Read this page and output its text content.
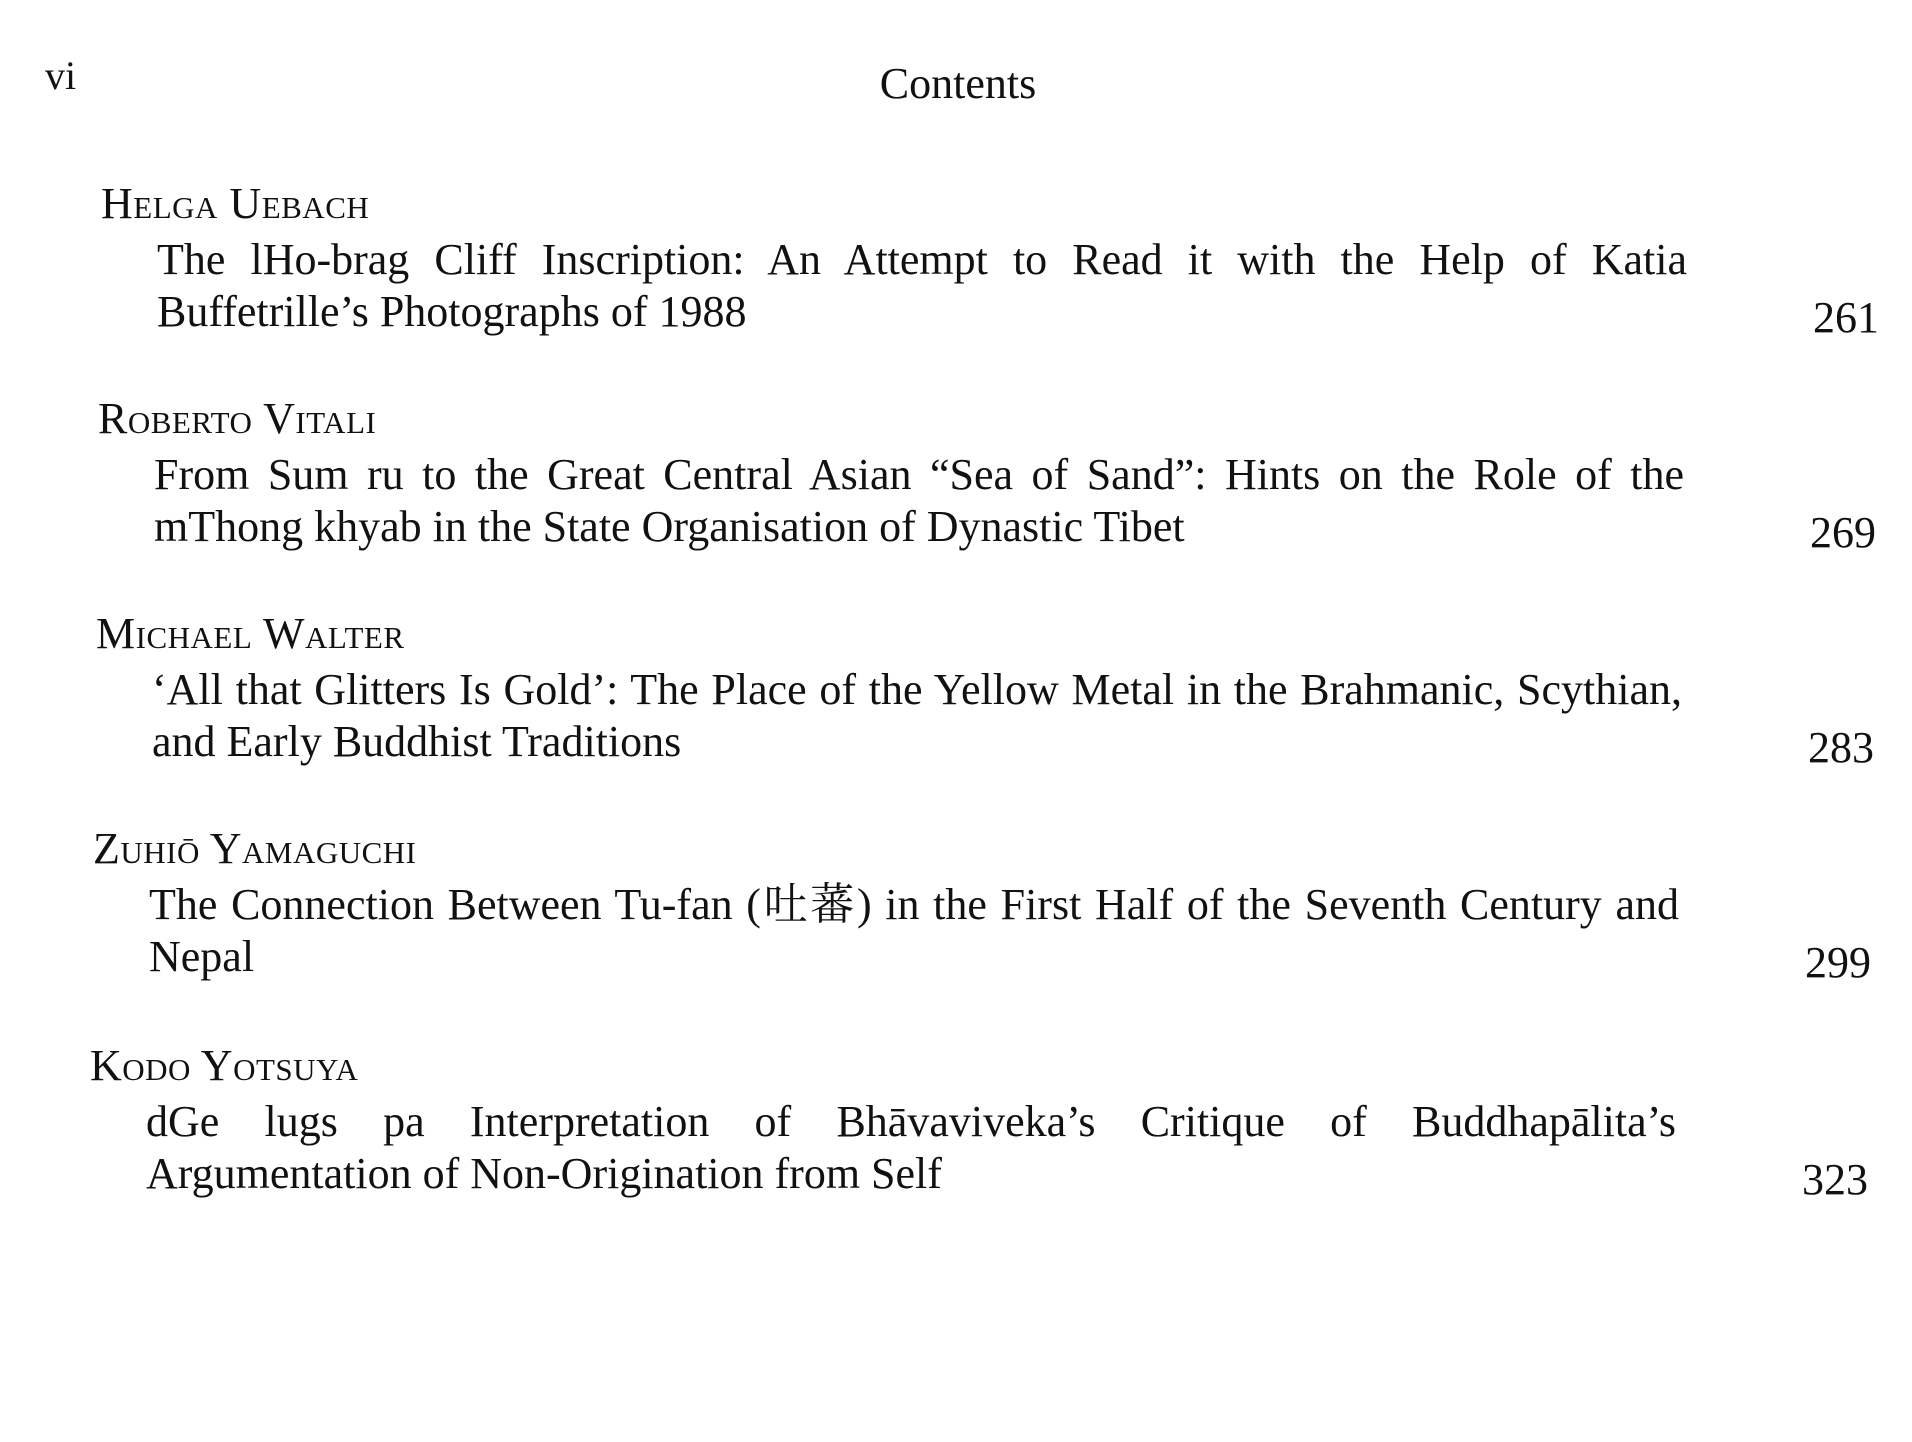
vi	Contents
Helga Uebach
The lHo-brag Cliff Inscription: An Attempt to Read it with the Help of Katia Buffetrille’s Photographs of 1988	261
Roberto Vitali
From Sum ru to the Great Central Asian “Sea of Sand”: Hints on the Role of the mThong khyab in the State Organisation of Dynastic Tibet	269
Michael Walter
‘All that Glitters Is Gold’: The Place of the Yellow Metal in the Brahmanic, Scythian, and Early Buddhist Traditions	283
Zuhiō Yamaguchi
The Connection Between Tu-fan (吐蕃) in the First Half of the Seventh Century and Nepal	299
Kodo Yotsuya
dGe lugs pa Interpretation of Bhāvaviveka’s Critique of Buddhapālita’s Argumentation of Non-Origination from Self	323
